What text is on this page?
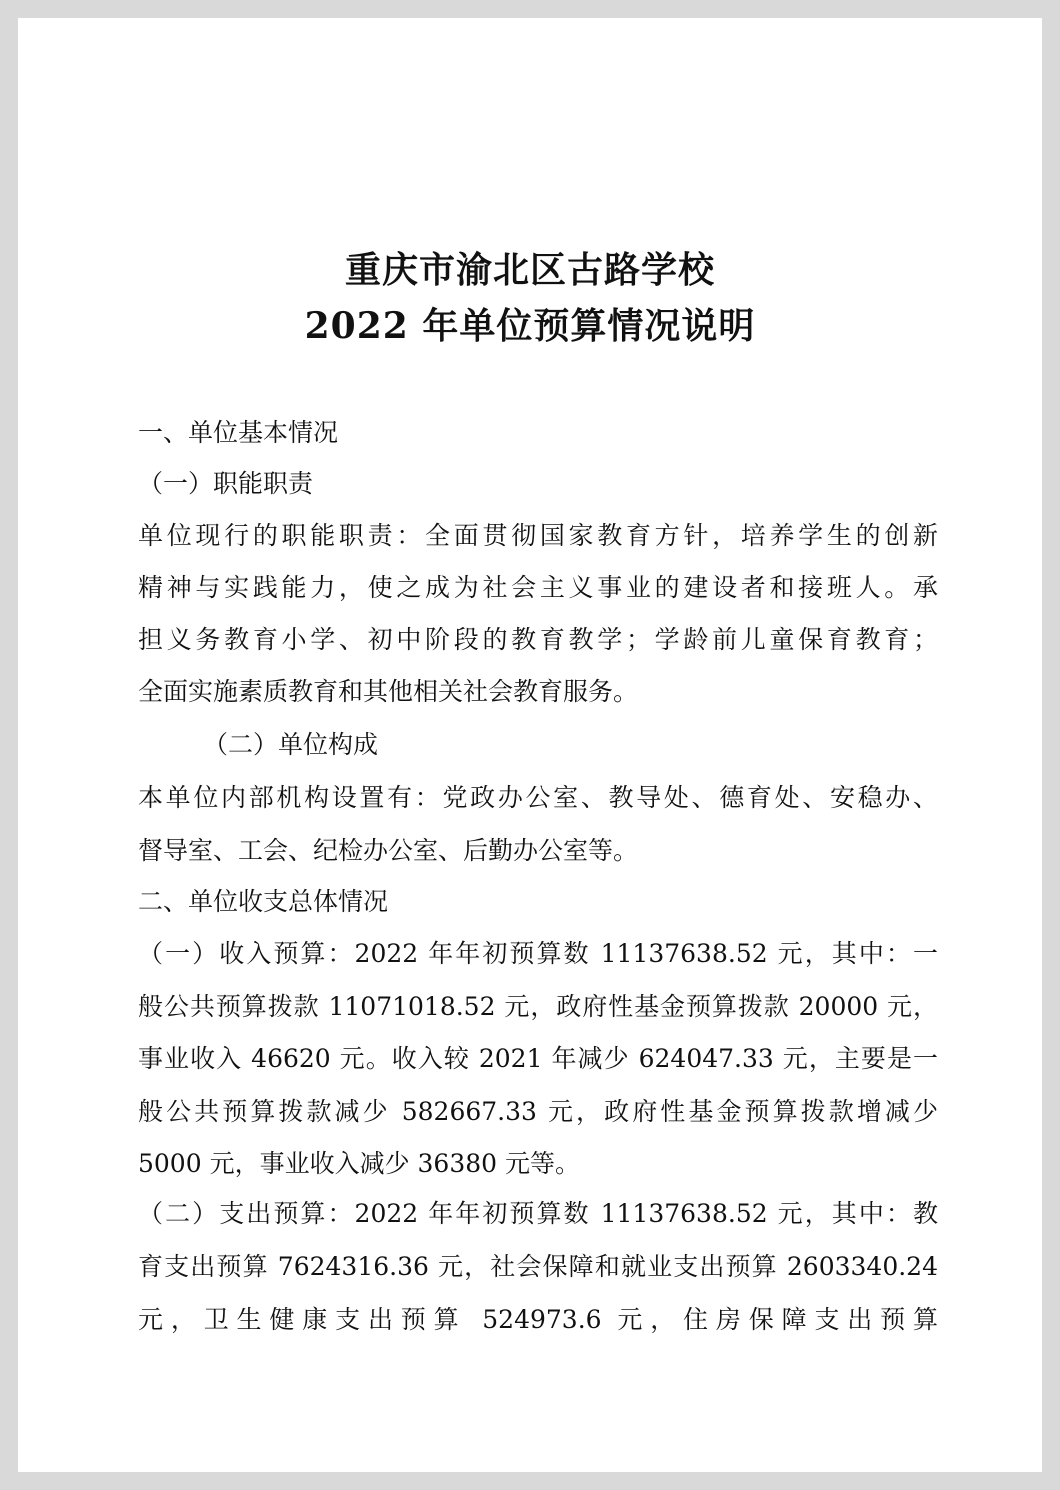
重庆市渝北区古路学校
2022 年单位预算情况说明
一、单位基本情况
（一）职能职责
单位现行的职能职责：全面贯彻国家教育方针，培养学生的创新
精神与实践能力，使之成为社会主义事业的建设者和接班人。承
担义务教育小学、初中阶段的教育教学；学龄前儿童保育教育；
全面实施素质教育和其他相关社会教育服务。
（二）单位构成
本单位内部机构设置有：党政办公室、教导处、德育处、安稳办、
督导室、工会、纪检办公室、后勤办公室等。
二、单位收支总体情况
（一）收入预算：2022 年年初预算数 11137638.52 元，其中：一
般公共预算拨款 11071018.52 元，政府性基金预算拨款 20000 元，
事业收入 46620 元。收入较 2021 年减少 624047.33 元，主要是一
般公共预算拨款减少 582667.33 元，政府性基金预算拨款增减少
5000 元，事业收入减少 36380 元等。
（二）支出预算：2022 年年初预算数 11137638.52 元，其中：教
育支出预算 7624316.36 元，社会保障和就业支出预算 2603340.24
元，卫生健康支出预算 524973.6 元，住房保障支出预算
